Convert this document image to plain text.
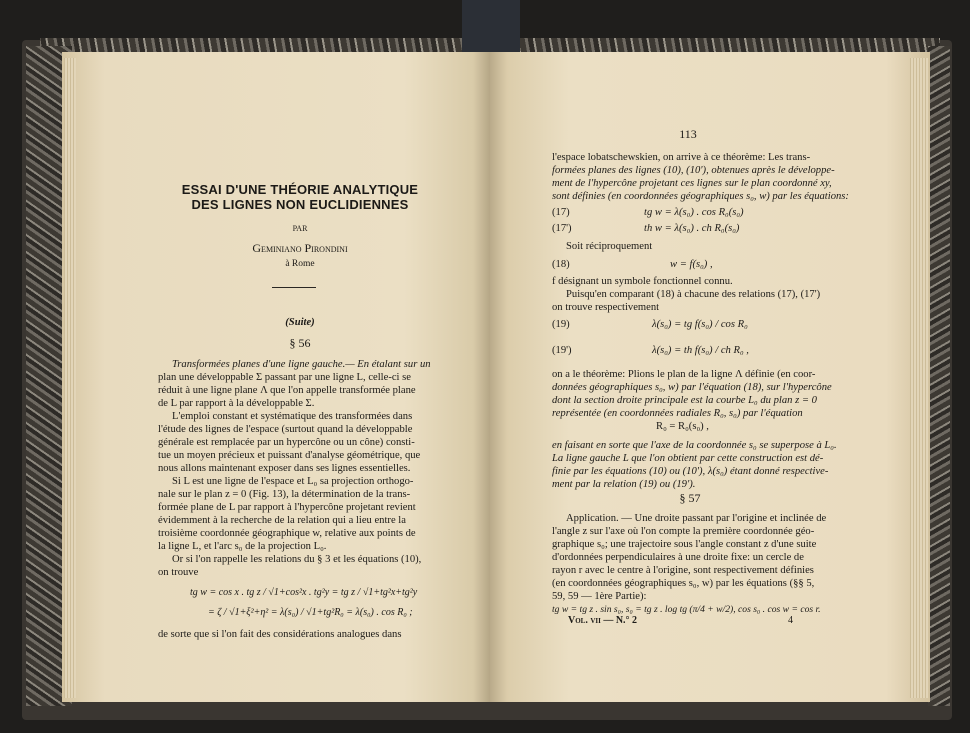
ESSAI D'UNE THÉORIE ANALYTIQUE
DES LIGNES NON EUCLIDIENNES
PAR
Geminiano Pirondini
à Rome
(Suite)
§ 56
Transformées planes d'une ligne gauche.— En étalant sur un
plan une développable Σ passant par une ligne L, celle-ci se
réduit à une ligne plane Λ que l'on appelle transformée plane
de L par rapport à la développable Σ.
L'emploi constant et systématique des transformées dans
l'étude des lignes de l'espace (surtout quand la développable
générale est remplacée par un hypercône ou un cône) consti-
tue un moyen précieux et puissant d'analyse géométrique, que
nous allons maintenant exposer dans ses lignes essentielles.
Si L est une ligne de l'espace et L₀ sa projection orthogo-
nale sur le plan z = 0 (Fig. 13), la détermination de la trans-
formée plane de L par rapport à l'hypercône projetant revient
évidemment à la recherche de la relation qui a lieu entre la
troisième coordonnée géographique w, relative aux points de
la ligne L, et l'arc s₀ de la projection L₀.
Or si l'on rappelle les relations du § 3 et les équations (10),
on trouve
tg w = cos x . tg z / √1+cos²x . tg²y = tg z / √1+tg²x+tg²y
= ζ / √1+ξ²+η² = λ(s₀) / √1+tg²R₀ = λ(s₀) . cos R₀ ;
de sorte que si l'on fait des considérations analogues dans
113
l'espace lobatschewskien, on arrive à ce théorème: Les trans-
formées planes des lignes (10), (10'), obtenues après le développe-
ment de l'hypercône projetant ces lignes sur le plan coordonné xy,
sont définies (en coordonnées géographiques s₀, w) par les équations:
(17)	tg w = λ(s₀) . cos R₀(s₀)
(17')	th w = λ(s₀) . ch R₀(s₀)
Soit réciproquement
(18)	w = f(s₀) ,
f désignant un symbole fonctionnel connu.
Puisqu'en comparant (18) à chacune des relations (17), (17')
on trouve respectivement
(19)	λ(s₀) = tg f(s₀) / cos R₀
(19')	λ(s₀) = th f(s₀) / ch R₀ ,
on a le théorème: Plions le plan de la ligne Λ définie (en coor-
données géographiques s₀, w) par l'équation (18), sur l'hypercône
dont la section droite principale est la courbe L₀ du plan z = 0
représentée (en coordonnées radiales R₀, s₀) par l'équation
R₀ = R₀(s₀) ,
en faisant en sorte que l'axe de la coordonnée s₀ se superpose à L₀.
La ligne gauche L que l'on obtient par cette construction est dé-
finie par les équations (10) ou (10'), λ(s₀) étant donné respective-
ment par la relation (19) ou (19').
§ 57
Application. — Une droite passant par l'origine et inclinée de
l'angle z sur l'axe où l'on compte la première coordonnée géo-
graphique s₀; une trajectoire sous l'angle constant z d'une suite
d'ordonnées perpendiculaires à une droite fixe: un cercle de
rayon r avec le centre à l'origine, sont respectivement définies
(en coordonnées géographiques s₀, w) par les équations (§§ 5,
59, 59 — 1ère Partie):
tg w = tg z . sin s₀, s₀ = tg z . log tg (π/4 + w/2), cos s₀ . cos w = cos r.
Vol. vii — N.° 2	4
